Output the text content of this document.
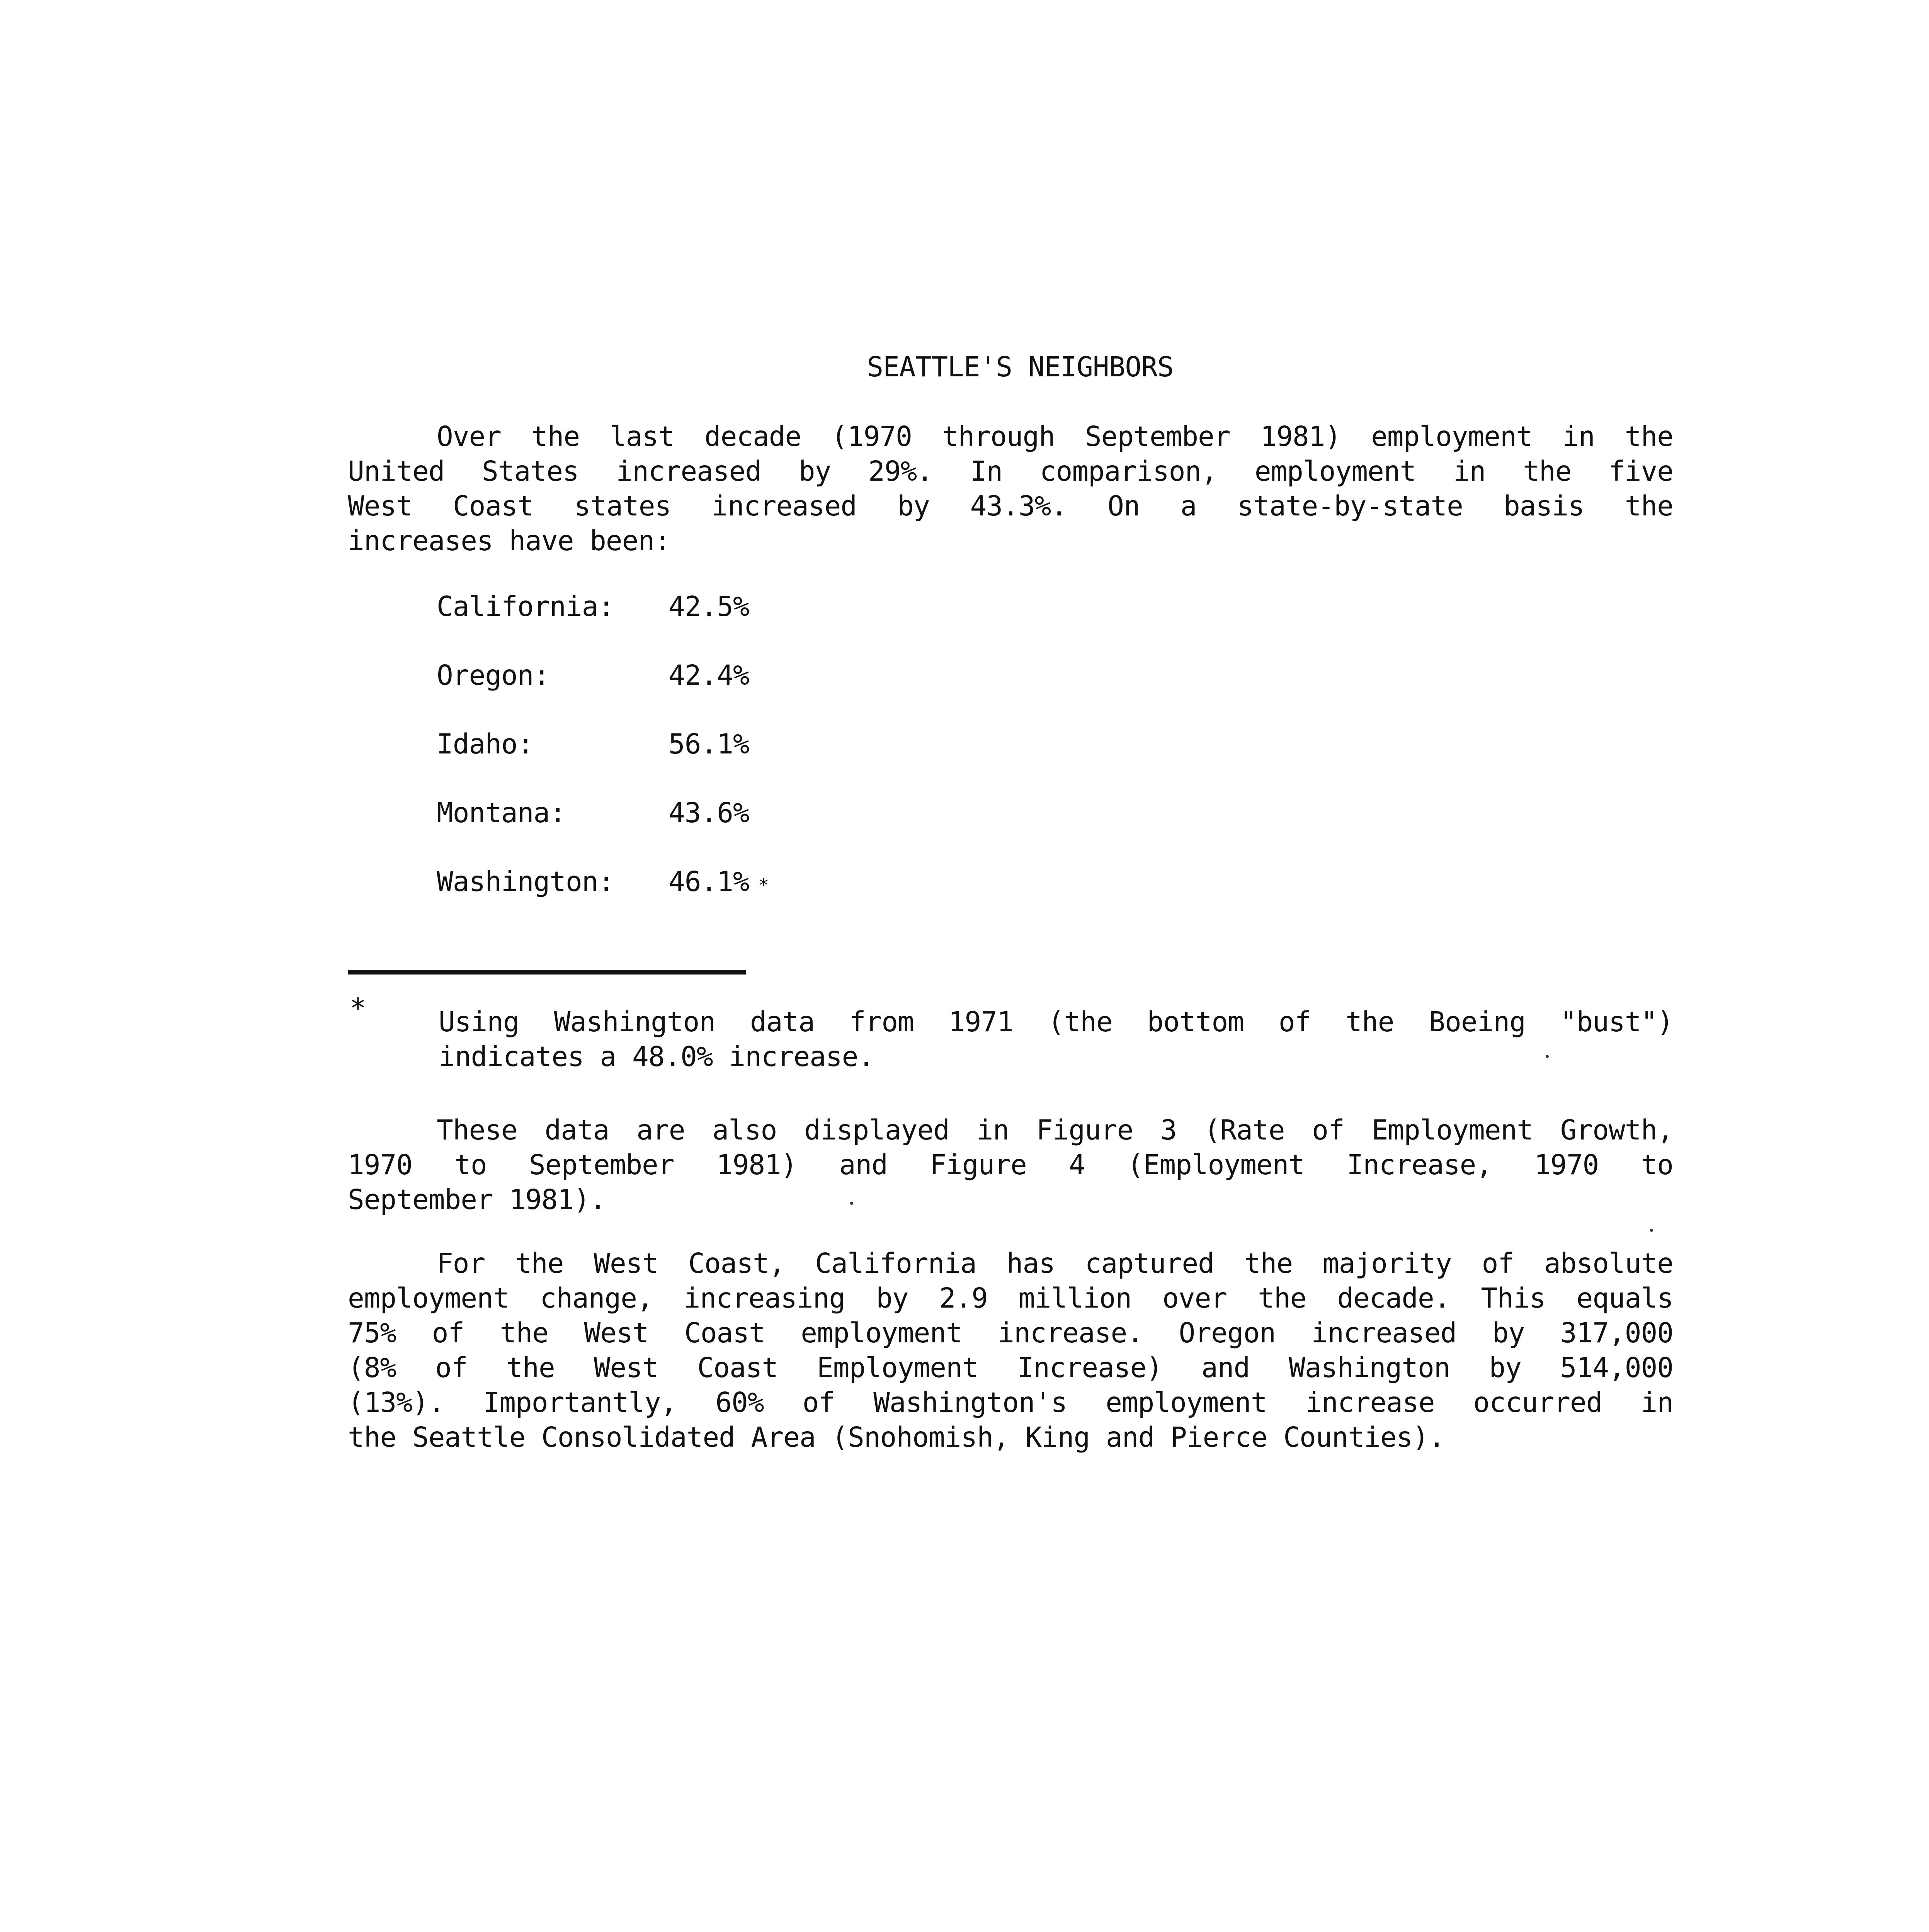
SEATTLE'S NEIGHBORS
Over the last decade (1970 through September 1981) employment in the
United States increased by 29%. In comparison, employment in the five
West Coast states increased by 43.3%. On a state-by-state basis the
increases have been:
California: 42.5%
Oregon:	42.4%
Idaho:	56.1%
Montana:	43.6%
Washington: 46.1% *
*	Using Washington data from 1971 (the bottom of the Boeing "bust")
indicates a 48.0% increase.
These data are also displayed in Figure 3 (Rate of Employment Growth,
1970 to September 1981) and Figure 4 (Employment Increase, 1970 to
September 1981).
For the West Coast, California has captured the majority of absolute
employment change, increasing by 2.9 million over the decade. This equals
75% of the West Coast employment increase. Oregon increased by 317,000
(8% of the West Coast Employment Increase) and Washington by 514,000
(13%). Importantly, 60% of Washington's employment increase occurred in
the Seattle Consolidated Area (Snohomish, King and Pierce Counties).
